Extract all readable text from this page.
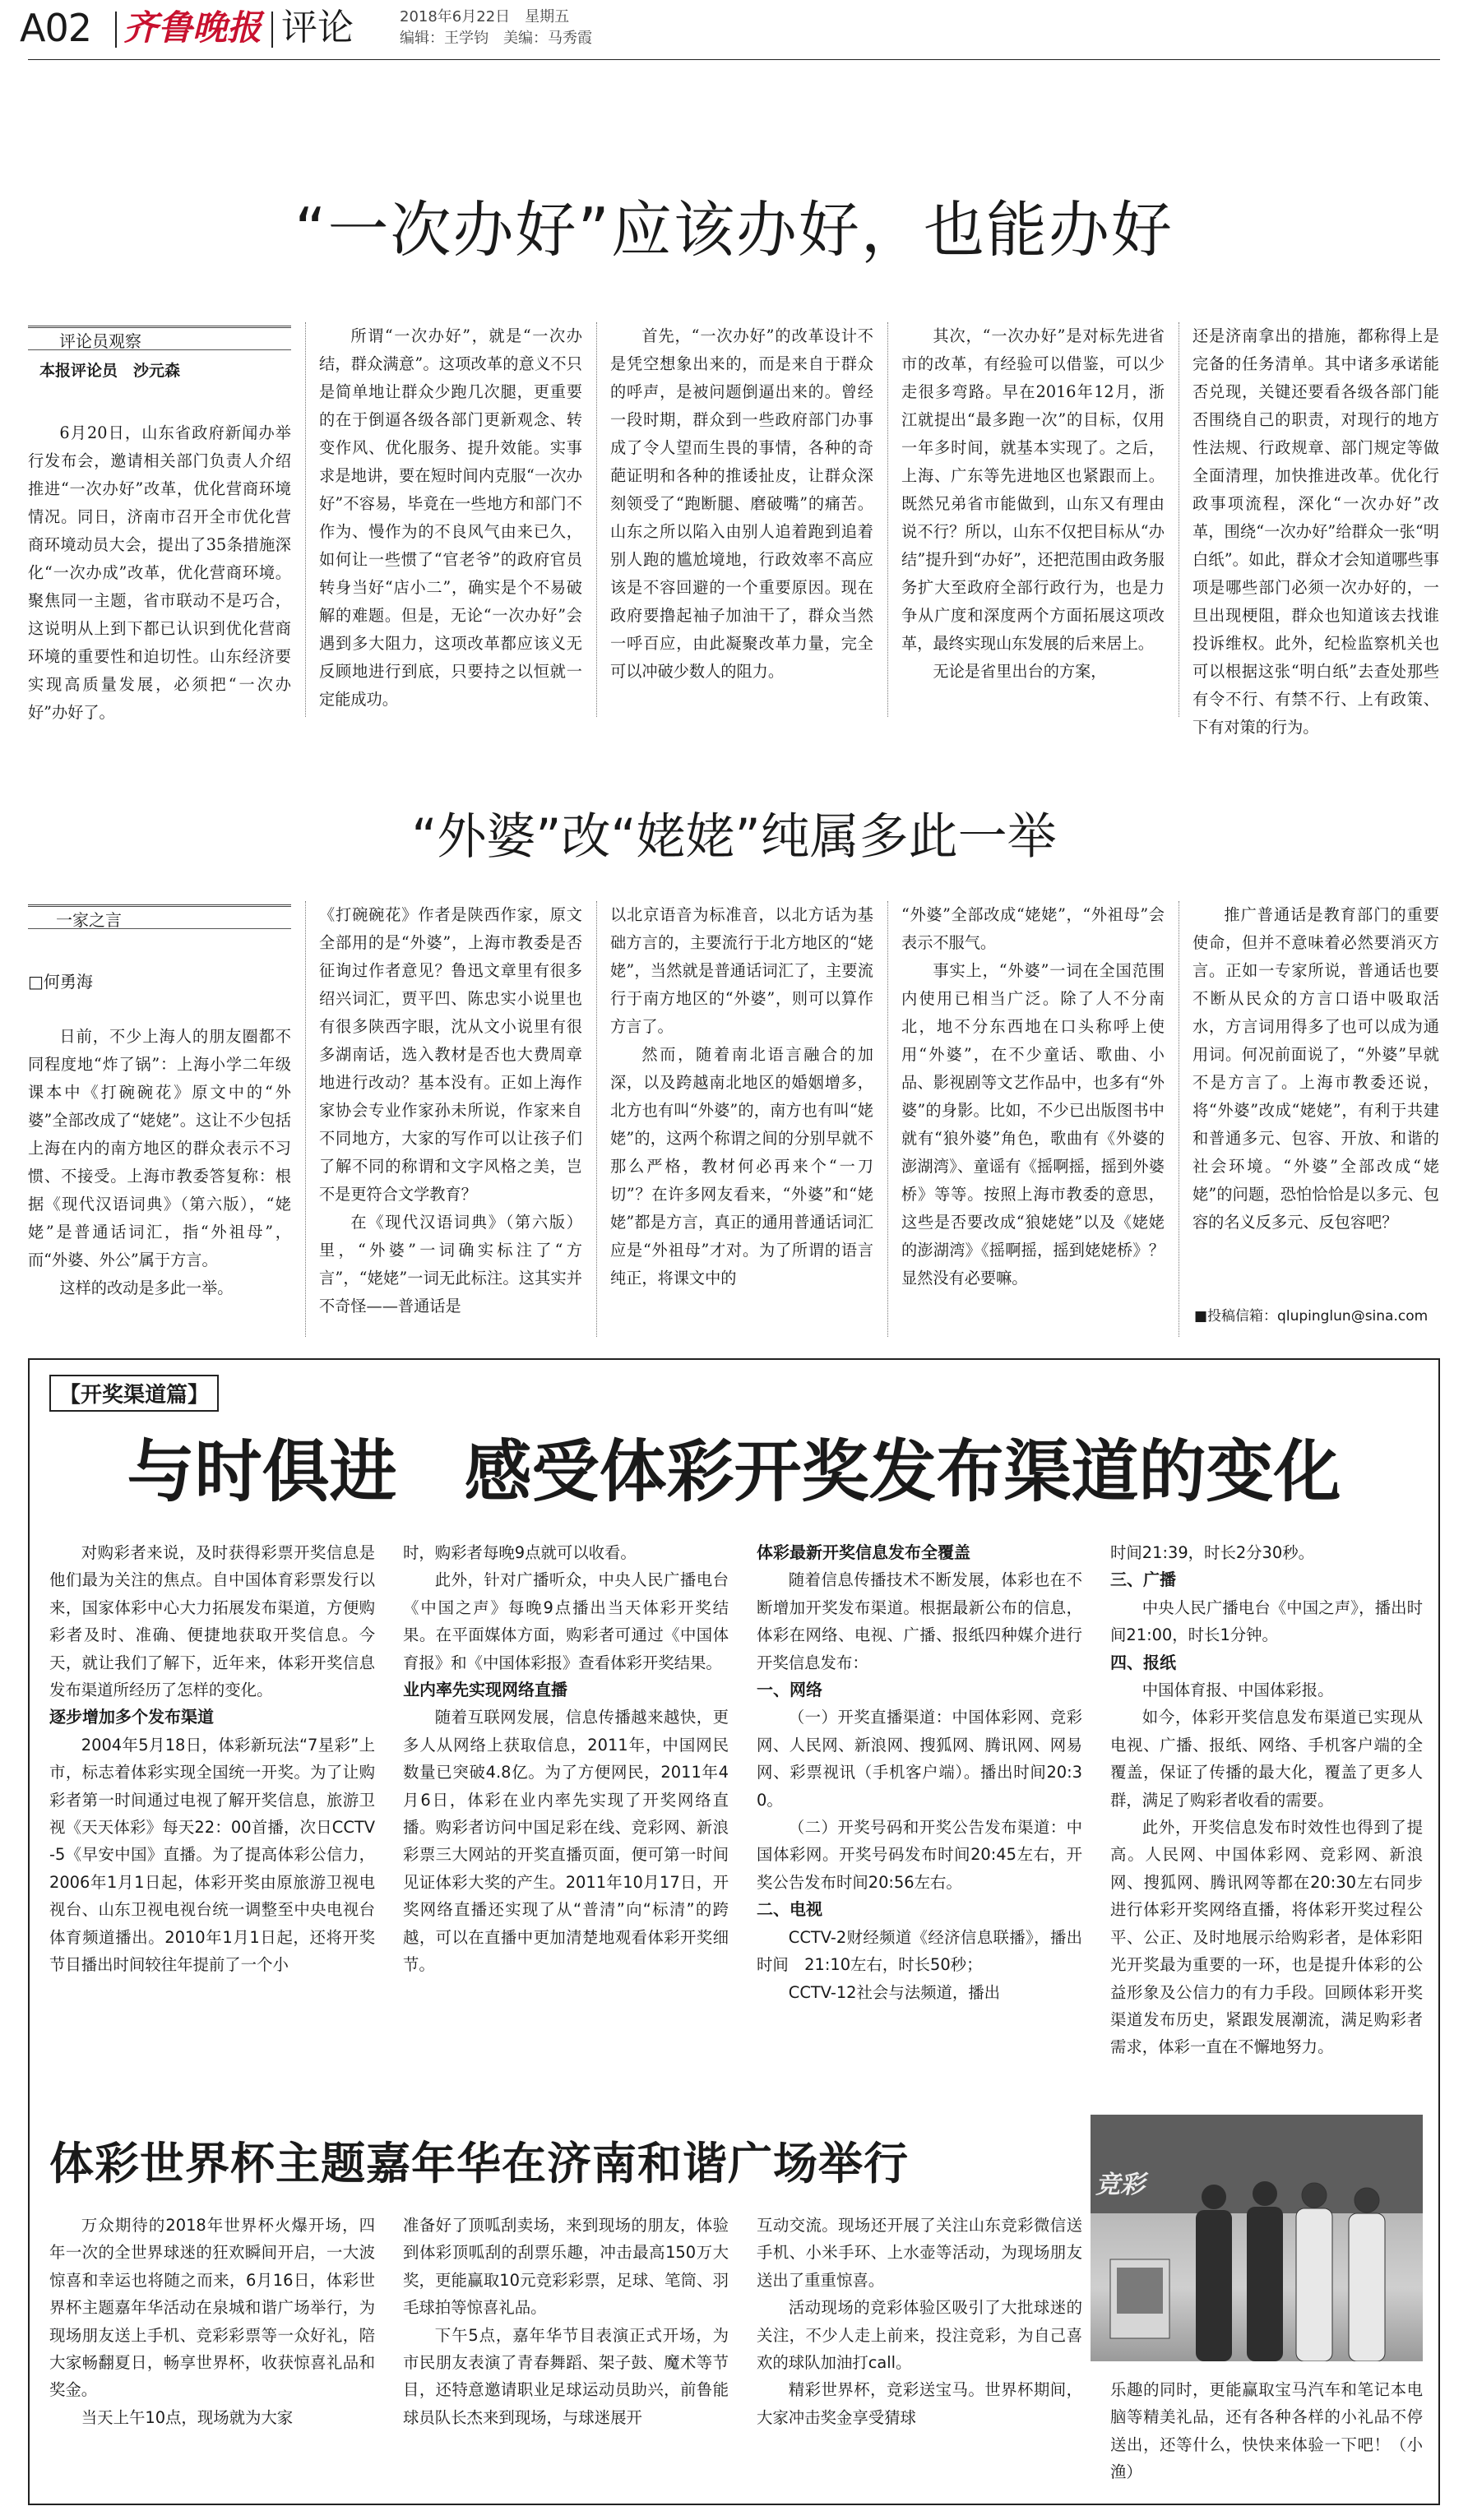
A02 齐鲁晚报 评论	2018年6月22日　星期五
编辑：王学钧　美编：马秀霞
“一次办好”应该办好，也能办好
评论员观察
本报评论员　沙元森

6月20日，山东省政府新闻办举行发布会，邀请相关部门负责人介绍推进“一次办好”改革，优化营商环境情况。同日，济南市召开全市优化营商环境动员大会，提出了35条措施深化“一次办成”改革，优化营商环境。聚焦同一主题，省市联动不是巧合，这说明从上到下都已认识到优化营商环境的重要性和迫切性。山东经济要实现高质量发展，必须把“一次办好”办好了。

所谓“一次办好”，就是“一次办结，群众满意”。这项改革的意义不只是简单地让群众少跑几次腿，更重要的在于倒逼各级各部门更新观念、转变作风、优化服务、提升效能。实事求是地讲，要在短时间内克服“一次办好”不容易，毕竟在一些地方和部门不作为、慢作为的不良风气由来已久，如何让一些惯了“官老爷”的政府官员转身当好“店小二”，确实是个不易破解的难题。但是，无论“一次办好”会遇到多大阻力，这项改革都应该义无反顾地进行到底，只要持之以恒就一定能成功。

首先，“一次办好”的改革设计不是凭空想象出来的，而是来自于群众的呼声，是被问题倒逼出来的。曾经一段时期，群众到一些政府部门办事成了令人望而生畏的事情，各种的奇葩证明和各种的推诿扯皮，让群众深刻领受了“跑断腿、磨破嘴”的痛苦。山东之所以陷入由别人追着跑到追着别人跑的尴尬境地，行政效率不高应该是不容回避的一个重要原因。现在政府要撸起袖子加油干了，群众当然一呼百应，由此凝聚改革力量，完全可以冲破少数人的阻力。

其次，“一次办好”是对标先进省市的改革，有经验可以借鉴，可以少走很多弯路。早在2016年12月，浙江就提出“最多跑一次”的目标，仅用一年多时间，就基本实现了。之后，上海、广东等先进地区也紧跟而上。既然兄弟省市能做到，山东又有理由说不行？所以，山东不仅把目标从“办结”提升到“办好”，还把范围由政务服务扩大至政府全部行政行为，也是力争从广度和深度两个方面拓展这项改革，最终实现山东发展的后来居上。

无论是省里出台的方案，

还是济南拿出的措施，都称得上是完备的任务清单。其中诸多承诺能否兑现，关键还要看各级各部门能否围绕自己的职责，对现行的地方性法规、行政规章、部门规定等做全面清理，加快推进改革。优化行政事项流程，深化“一次办好”改革，围绕“一次办好”给群众一张“明白纸”。如此，群众才会知道哪些事项是哪些部门必须一次办好的，一旦出现梗阻，群众也知道该去找谁投诉维权。此外，纪检监察机关也可以根据这张“明白纸”去查处那些有令不行、有禁不行、上有政策、下有对策的行为。

“外婆”改“姥姥”纯属多此一举
一家之言
□何勇海

日前，不少上海人的朋友圈都不同程度地“炸了锅”：上海小学二年级课本中《打碗碗花》原文中的“外婆”全部改成了“姥姥”。这让不少包括上海在内的南方地区的群众表示不习惯、不接受。上海市教委答复称：根据《现代汉语词典》（第六版），“姥姥”是普通话词汇，指“外祖母”，而“外婆、外公”属于方言。

这样的改动是多此一举。

《打碗碗花》作者是陕西作家，原文全部用的是“外婆”，上海市教委是否征询过作者意见？鲁迅文章里有很多绍兴词汇，贾平凹、陈忠实小说里也有很多陕西字眼，沈从文小说里有很多湖南话，选入教材是否也大费周章地进行改动？基本没有。正如上海作家协会专业作家孙未所说，作家来自不同地方，大家的写作可以让孩子们了解不同的称谓和文字风格之美，岂不是更符合文学教育？

在《现代汉语词典》（第六版）里，“外婆”一词确实标注了“方言”，“姥姥”一词无此标注。这其实并不奇怪——普通话是

以北京语音为标准音，以北方话为基础方言的，主要流行于北方地区的“姥姥”，当然就是普通话词汇了，主要流行于南方地区的“外婆”，则可以算作方言了。

然而，随着南北语言融合的加深，以及跨越南北地区的婚姻增多，北方也有叫“外婆”的，南方也有叫“姥姥”的，这两个称谓之间的分别早就不那么严格，教材何必再来个“一刀切”？在许多网友看来，“外婆”和“姥姥”都是方言，真正的通用普通话词汇应是“外祖母”才对。为了所谓的语言纯正，将课文中的

“外婆”全部改成“姥姥”，“外祖母”会表示不服气。

事实上，“外婆”一词在全国范围内使用已相当广泛。除了人不分南北，地不分东西地在口头称呼上使用“外婆”，在不少童话、歌曲、小品、影视剧等文艺作品中，也多有“外婆”的身影。比如，不少已出版图书中就有“狼外婆”角色，歌曲有《外婆的澎湖湾》、童谣有《摇啊摇，摇到外婆桥》等等。按照上海市教委的意思，这些是否要改成“狼姥姥”以及《姥姥的澎湖湾》《摇啊摇，摇到姥姥桥》？显然没有必要嘛。

推广普通话是教育部门的重要使命，但并不意味着必然要消灭方言。正如一专家所说，普通话也要不断从民众的方言口语中吸取活水，方言词用得多了也可以成为通用词。何况前面说了，“外婆”早就不是方言了。上海市教委还说，将“外婆”改成“姥姥”，有利于共建和普通多元、包容、开放、和谐的社会环境。“外婆”全部改成“姥姥”的问题，恐怕恰恰是以多元、包容的名义反多元、反包容吧？

■投稿信箱：qlupinglun@sina.com
【开奖渠道篇】
与时俱进　感受体彩开奖发布渠道的变化

对购彩者来说，及时获得彩票开奖信息是他们最为关注的焦点。自中国体育彩票发行以来，国家体彩中心大力拓展发布渠道，方便购彩者及时、准确、便捷地获取开奖信息。今天，就让我们了解下，近年来，体彩开奖信息发布渠道所经历了怎样的变化。

逐步增加多个发布渠道

2004年5月18日，体彩新玩法“7星彩”上市，标志着体彩实现全国统一开奖。为了让购彩者第一时间通过电视了解开奖信息，旅游卫视《天天体彩》每天22：00首播，次日CCTV-5《早安中国》直播。为了提高体彩公信力，2006年1月1日起，体彩开奖由原旅游卫视电视台、山东卫视电视台统一调整至中央电视台体育频道播出。2010年1月1日起，还将开奖节目播出时间较往年提前了一个小

时，购彩者每晚9点就可以收看。

此外，针对广播听众，中央人民广播电台《中国之声》每晚9点播出当天体彩开奖结果。在平面媒体方面，购彩者可通过《中国体育报》和《中国体彩报》查看体彩开奖结果。

业内率先实现网络直播

随着互联网发展，信息传播越来越快，更多人从网络上获取信息，2011年，中国网民数量已突破4.8亿。为了方便网民，2011年4月6日，体彩在业内率先实现了开奖网络直播。购彩者访问中国足彩在线、竞彩网、新浪彩票三大网站的开奖直播页面，便可第一时间见证体彩大奖的产生。2011年10月17日，开奖网络直播还实现了从“普清”向“标清”的跨越，可以在直播中更加清楚地观看体彩开奖细节。

体彩最新开奖信息发布全覆盖

随着信息传播技术不断发展，体彩也在不断增加开奖发布渠道。根据最新公布的信息，体彩在网络、电视、广播、报纸四种媒介进行开奖信息发布：

一、网络

（一）开奖直播渠道：中国体彩网、竞彩网、人民网、新浪网、搜狐网、腾讯网、网易网、彩票视讯（手机客户端）。播出时间20:30。

（二）开奖号码和开奖公告发布渠道：中国体彩网。开奖号码发布时间20:45左右，开奖公告发布时间20:56左右。

二、电视

CCTV-2财经频道《经济信息联播》，播出时间　21:10左右，时长50秒；

CCTV-12社会与法频道，播出

时间21:39，时长2分30秒。

三、广播

中央人民广播电台《中国之声》，播出时间21:00，时长1分钟。

四、报纸

中国体育报、中国体彩报。

如今，体彩开奖信息发布渠道已实现从电视、广播、报纸、网络、手机客户端的全覆盖，保证了传播的最大化，覆盖了更多人群，满足了购彩者收看的需要。

此外，开奖信息发布时效性也得到了提高。人民网、中国体彩网、竞彩网、新浪网、搜狐网、腾讯网等都在20:30左右同步进行体彩开奖网络直播，将体彩开奖过程公平、公正、及时地展示给购彩者，是体彩阳光开奖最为重要的一环，也是提升体彩的公益形象及公信力的有力手段。回顾体彩开奖渠道发布历史，紧跟发展潮流，满足购彩者需求，体彩一直在不懈地努力。

体彩世界杯主题嘉年华在济南和谐广场举行	竞彩

万众期待的2018年世界杯火爆开场，四年一次的全世界球迷的狂欢瞬间开启，一大波惊喜和幸运也将随之而来，6月16日，体彩世界杯主题嘉年华活动在泉城和谐广场举行，为现场朋友送上手机、竞彩彩票等一众好礼，陪大家畅翻夏日，畅享世界杯，收获惊喜礼品和奖金。

当天上午10点，现场就为大家

准备好了顶呱刮卖场，来到现场的朋友，体验到体彩顶呱刮的刮票乐趣，冲击最高150万大奖，更能赢取10元竞彩彩票，足球、笔筒、羽毛球拍等惊喜礼品。

下午5点，嘉年华节目表演正式开场，为市民朋友表演了青春舞蹈、架子鼓、魔术等节目，还特意邀请职业足球运动员助兴，前鲁能球员队长杰来到现场，与球迷展开

互动交流。现场还开展了关注山东竞彩微信送手机、小米手环、上水壶等活动，为现场朋友送出了重重惊喜。

活动现场的竞彩体验区吸引了大批球迷的关注，不少人走上前来，投注竞彩，为自己喜欢的球队加油打call。

精彩世界杯，竞彩送宝马。世界杯期间，大家冲击奖金享受猜球

乐趣的同时，更能赢取宝马汽车和笔记本电脑等精美礼品，还有各种各样的小礼品不停送出，还等什么，快快来体验一下吧！（小渔）
